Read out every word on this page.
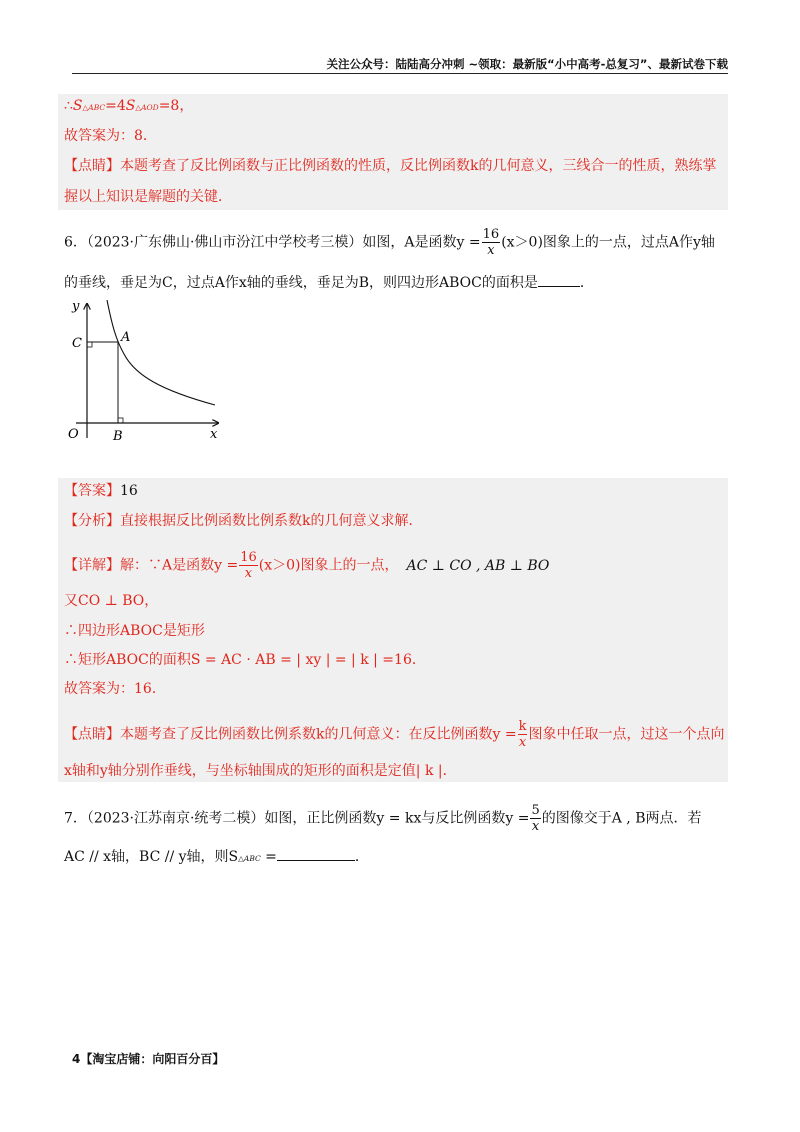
关注公众号：陆陆高分冲刺 ~领取：最新版“小中高考-总复习”、最新试卷下载
∴S△ABC=4S△AOD=8，
故答案为：8．
【点睛】本题考查了反比例函数与正比例函数的性质，反比例函数k的几何意义，三线合一的性质，熟练掌
握以上知识是解题的关键．
6．（2023·广东佛山·佛山市汾江中学校考三模）如图，A是函数$y = \frac{16}{x} (x>0)$图象上的一点，过点A作y轴
的垂线，垂足为C，过点A作x轴的垂线，垂足为B，则四边形ABOC的面积是	．
y
x
O
A
B
C
【答案】16
【分析】直接根据反比例函数比例系数k的几何意义求解．
【详解】解：∵A是函数$y = \frac{16}{x} (x>0)$图象上的一点， AC ⊥ CO , AB ⊥ BO
又CO ⊥ BO，
∴四边形ABOC是矩形
∴矩形ABOC的面积S = AC · AB = | xy | = | k | =16．
故答案为：16．
【点睛】本题考查了反比例函数比例系数k的几何意义：在反比例函数$y = \frac{k}{x}$ 图象中任取一点，过这一个点向
x轴和y轴分别作垂线，与坐标轴围成的矩形的面积是定值| k |．
7．（2023·江苏南京·统考二模）如图，正比例函数y = kx与反比例函数$y = \frac{5}{x}$ 的图像交于A , B两点．若
AC // x轴，BC // y轴，则S△ABC =	．
4【淘宝店铺：向阳百分百】
